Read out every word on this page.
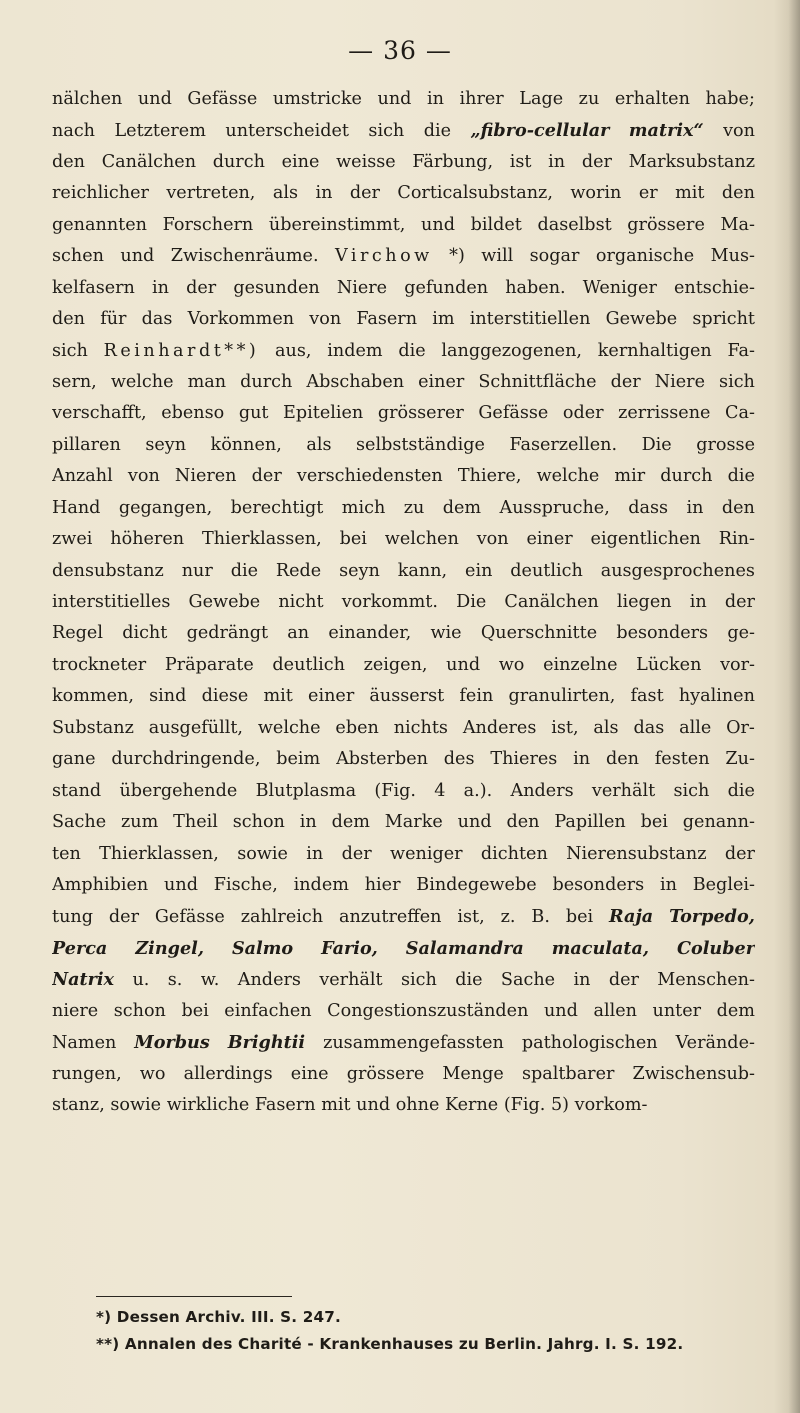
— 36 —
nälchen und Gefässe umstricke und in ihrer Lage zu erhalten habe;
nach Letzterem unterscheidet sich die „fibro-cellular matrix“ von
den Canälchen durch eine weisse Färbung, ist in der Marksubstanz
reichlicher vertreten, als in der Corticalsubstanz, worin er mit den
genannten Forschern übereinstimmt, und bildet daselbst grössere Ma-
schen und Zwischenräume. Virchow *) will sogar organische Mus-
kelfasern in der gesunden Niere gefunden haben. Weniger entschie-
den für das Vorkommen von Fasern im interstitiellen Gewebe spricht
sich Reinhardt**) aus, indem die langgezogenen, kernhaltigen Fa-
sern, welche man durch Abschaben einer Schnittfläche der Niere sich
verschafft, ebenso gut Epitelien grösserer Gefässe oder zerrissene Ca-
pillaren seyn können, als selbstständige Faserzellen. Die grosse
Anzahl von Nieren der verschiedensten Thiere, welche mir durch die
Hand gegangen, berechtigt mich zu dem Ausspruche, dass in den
zwei höheren Thierklassen, bei welchen von einer eigentlichen Rin-
densubstanz nur die Rede seyn kann, ein deutlich ausgesprochenes
interstitielles Gewebe nicht vorkommt. Die Canälchen liegen in der
Regel dicht gedrängt an einander, wie Querschnitte besonders ge-
trockneter Präparate deutlich zeigen, und wo einzelne Lücken vor-
kommen, sind diese mit einer äusserst fein granulirten, fast hyalinen
Substanz ausgefüllt, welche eben nichts Anderes ist, als das alle Or-
gane durchdringende, beim Absterben des Thieres in den festen Zu-
stand übergehende Blutplasma (Fig. 4 a.). Anders verhält sich die
Sache zum Theil schon in dem Marke und den Papillen bei genann-
ten Thierklassen, sowie in der weniger dichten Nierensubstanz der
Amphibien und Fische, indem hier Bindegewebe besonders in Beglei-
tung der Gefässe zahlreich anzutreffen ist, z. B. bei Raja Torpedo,
Perca Zingel, Salmo Fario, Salamandra maculata, Coluber
Natrix u. s. w. Anders verhält sich die Sache in der Menschen-
niere schon bei einfachen Congestionszuständen und allen unter dem
Namen Morbus Brightii zusammengefassten pathologischen Verände-
rungen, wo allerdings eine grössere Menge spaltbarer Zwischensub-
stanz,
sowie
wirkliche
Fasern
mit
und
ohne
Kerne
(Fig.
5)
vorkom-
*) Dessen Archiv. III. S. 247.
**) Annalen des Charité - Krankenhauses zu Berlin. Jahrg. I. S. 192.
